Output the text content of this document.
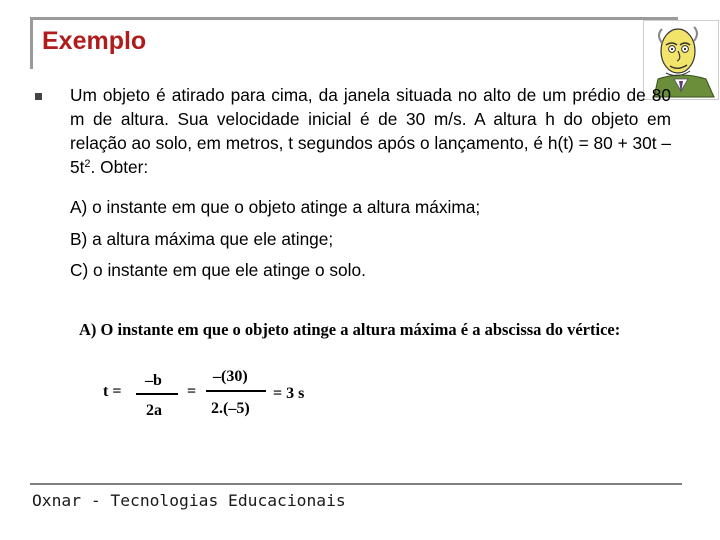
Exemplo
Um objeto é atirado para cima, da janela situada no alto de um prédio de 80 m de altura. Sua velocidade inicial é de 30 m/s. A altura h do objeto em relação ao solo, em metros, t segundos após o lançamento, é $h(t) = 80 + 30t - 5t^2$. Obter:
A) o instante em que o objeto atinge a altura máxima;
B) a altura máxima que ele atinge;
C) o instante em que ele atinge o solo.
A) O instante em que o objeto atinge a altura máxima é a abscissa do vértice:
t =
–b
2a
=
–(30)
2.(–5)
= 3 s
Oxnar - Tecnologias Educacionais
